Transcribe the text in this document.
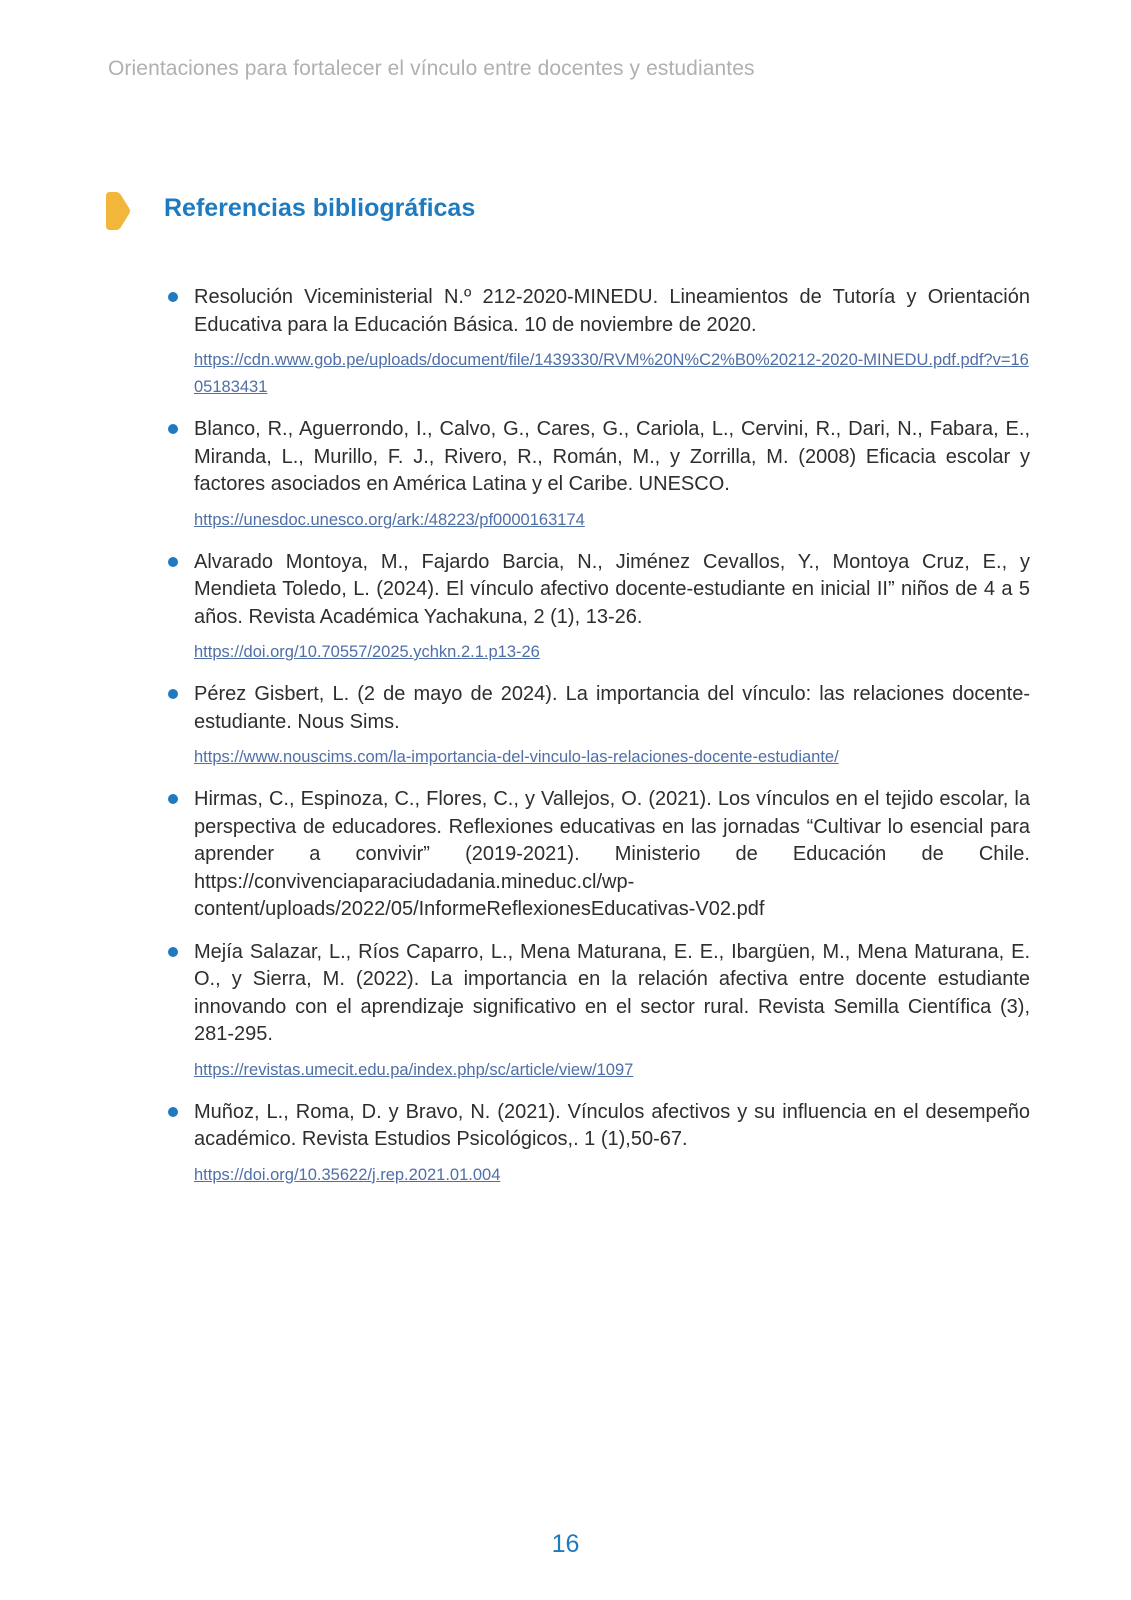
Orientaciones para fortalecer el vínculo entre docentes y estudiantes
Referencias bibliográficas
Resolución Viceministerial N.º 212-2020-MINEDU. Lineamientos de Tutoría y Orientación Educativa para la Educación Básica. 10 de noviembre de 2020.
https://cdn.www.gob.pe/uploads/document/file/1439330/RVM%20N%C2%B0%20212-2020-MINEDU.pdf.pdf?v=1605183431
Blanco, R., Aguerrondo, I., Calvo, G., Cares, G., Cariola, L., Cervini, R., Dari, N., Fabara, E., Miranda, L., Murillo, F. J., Rivero, R., Román, M., y Zorrilla, M. (2008) Eficacia escolar y factores asociados en América Latina y el Caribe. UNESCO.
https://unesdoc.unesco.org/ark:/48223/pf0000163174
Alvarado Montoya, M., Fajardo Barcia, N., Jiménez Cevallos, Y., Montoya Cruz, E., y Mendieta Toledo, L. (2024). El vínculo afectivo docente-estudiante en inicial II” niños de 4 a 5 años. Revista Académica Yachakuna, 2 (1), 13-26.
https://doi.org/10.70557/2025.ychkn.2.1.p13-26
Pérez Gisbert, L. (2 de mayo de 2024). La importancia del vínculo: las relaciones docente-estudiante. Nous Sims.
https://www.nouscims.com/la-importancia-del-vinculo-las-relaciones-docente-estudiante/
Hirmas, C., Espinoza, C., Flores, C., y Vallejos, O. (2021). Los vínculos en el tejido escolar, la perspectiva de educadores. Reflexiones educativas en las jornadas “Cultivar lo esencial para aprender a convivir” (2019-2021). Ministerio de Educación de Chile. https://convivenciaparaciudadania.mineduc.cl/wp-content/uploads/2022/05/InformeReflexionesEducativas-V02.pdf
Mejía Salazar, L., Ríos Caparro, L., Mena Maturana, E. E., Ibargüen, M., Mena Maturana, E. O., y Sierra, M. (2022). La importancia en la relación afectiva entre docente estudiante innovando con el aprendizaje significativo en el sector rural. Revista Semilla Científica (3), 281-295.
https://revistas.umecit.edu.pa/index.php/sc/article/view/1097
Muñoz, L., Roma, D. y Bravo, N. (2021). Vínculos afectivos y su influencia en el desempeño académico. Revista Estudios Psicológicos,. 1 (1),50-67.
https://doi.org/10.35622/j.rep.2021.01.004
16
